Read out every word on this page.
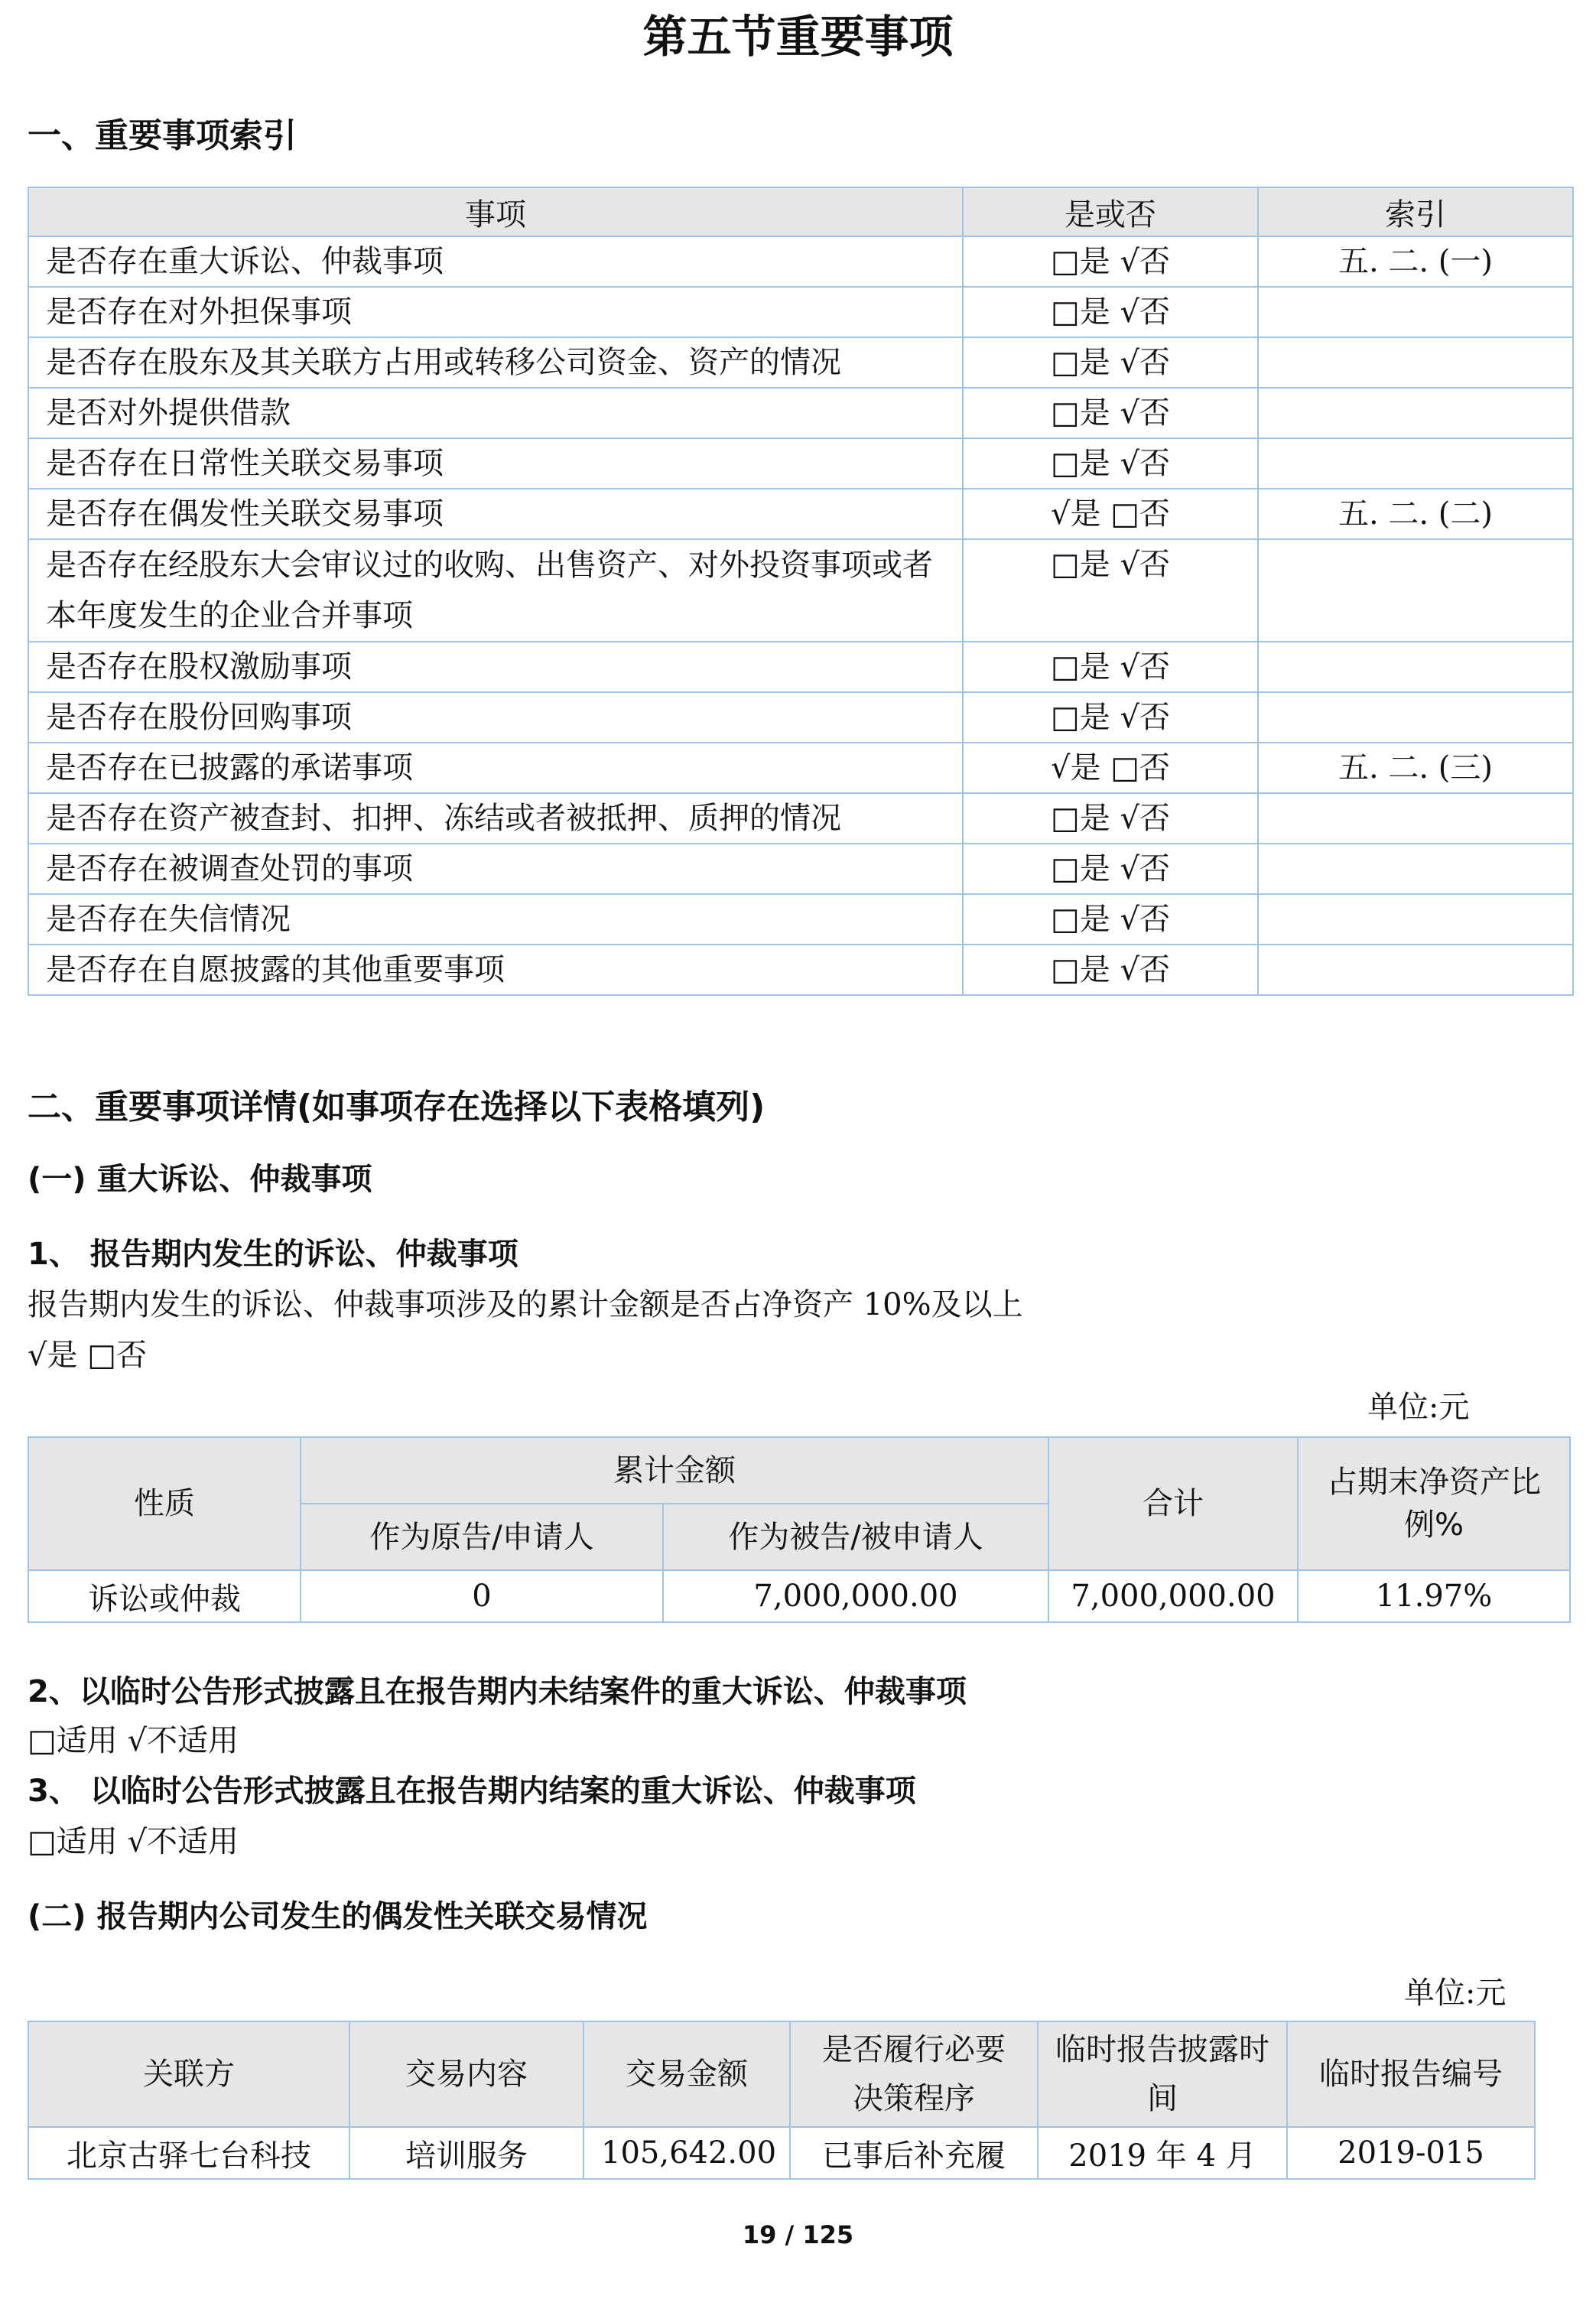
第五节重要事项
一、重要事项索引
事项	是或否	索引
是否存在重大诉讼、仲裁事项	□是 √否	五. 二. (一)
是否存在对外担保事项	□是 √否	
是否存在股东及其关联方占用或转移公司资金、资产的情况	□是 √否	
是否对外提供借款	□是 √否	
是否存在日常性关联交易事项	□是 √否	
是否存在偶发性关联交易事项	√是 □否	五. 二. (二)
是否存在经股东大会审议过的收购、出售资产、对外投资事项或者本年度发生的企业合并事项	□是 √否	
是否存在股权激励事项	□是 √否	
是否存在股份回购事项	□是 √否	
是否存在已披露的承诺事项	√是 □否	五. 二. (三)
是否存在资产被查封、扣押、冻结或者被抵押、质押的情况	□是 √否	
是否存在被调查处罚的事项	□是 √否	
是否存在失信情况	□是 √否	
是否存在自愿披露的其他重要事项	□是 √否	
二、重要事项详情(如事项存在选择以下表格填列)
(一) 重大诉讼、仲裁事项
1、 报告期内发生的诉讼、仲裁事项
报告期内发生的诉讼、仲裁事项涉及的累计金额是否占净资产 10%及以上
√是 □否
单位:元
性质	累计金额		合计	占期末净资产比例%
	作为原告/申请人	作为被告/被申请人		
诉讼或仲裁	0	7,000,000.00	7,000,000.00	11.97%
2、以临时公告形式披露且在报告期内未结案件的重大诉讼、仲裁事项
□适用 √不适用
3、 以临时公告形式披露且在报告期内结案的重大诉讼、仲裁事项
□适用 √不适用
(二) 报告期内公司发生的偶发性关联交易情况
单位:元
关联方	交易内容	交易金额	是否履行必要决策程序	临时报告披露时间	临时报告编号
北京古驿七台科技	培训服务	105,642.00	已事后补充履	2019 年 4 月	2019-015
19 / 125
